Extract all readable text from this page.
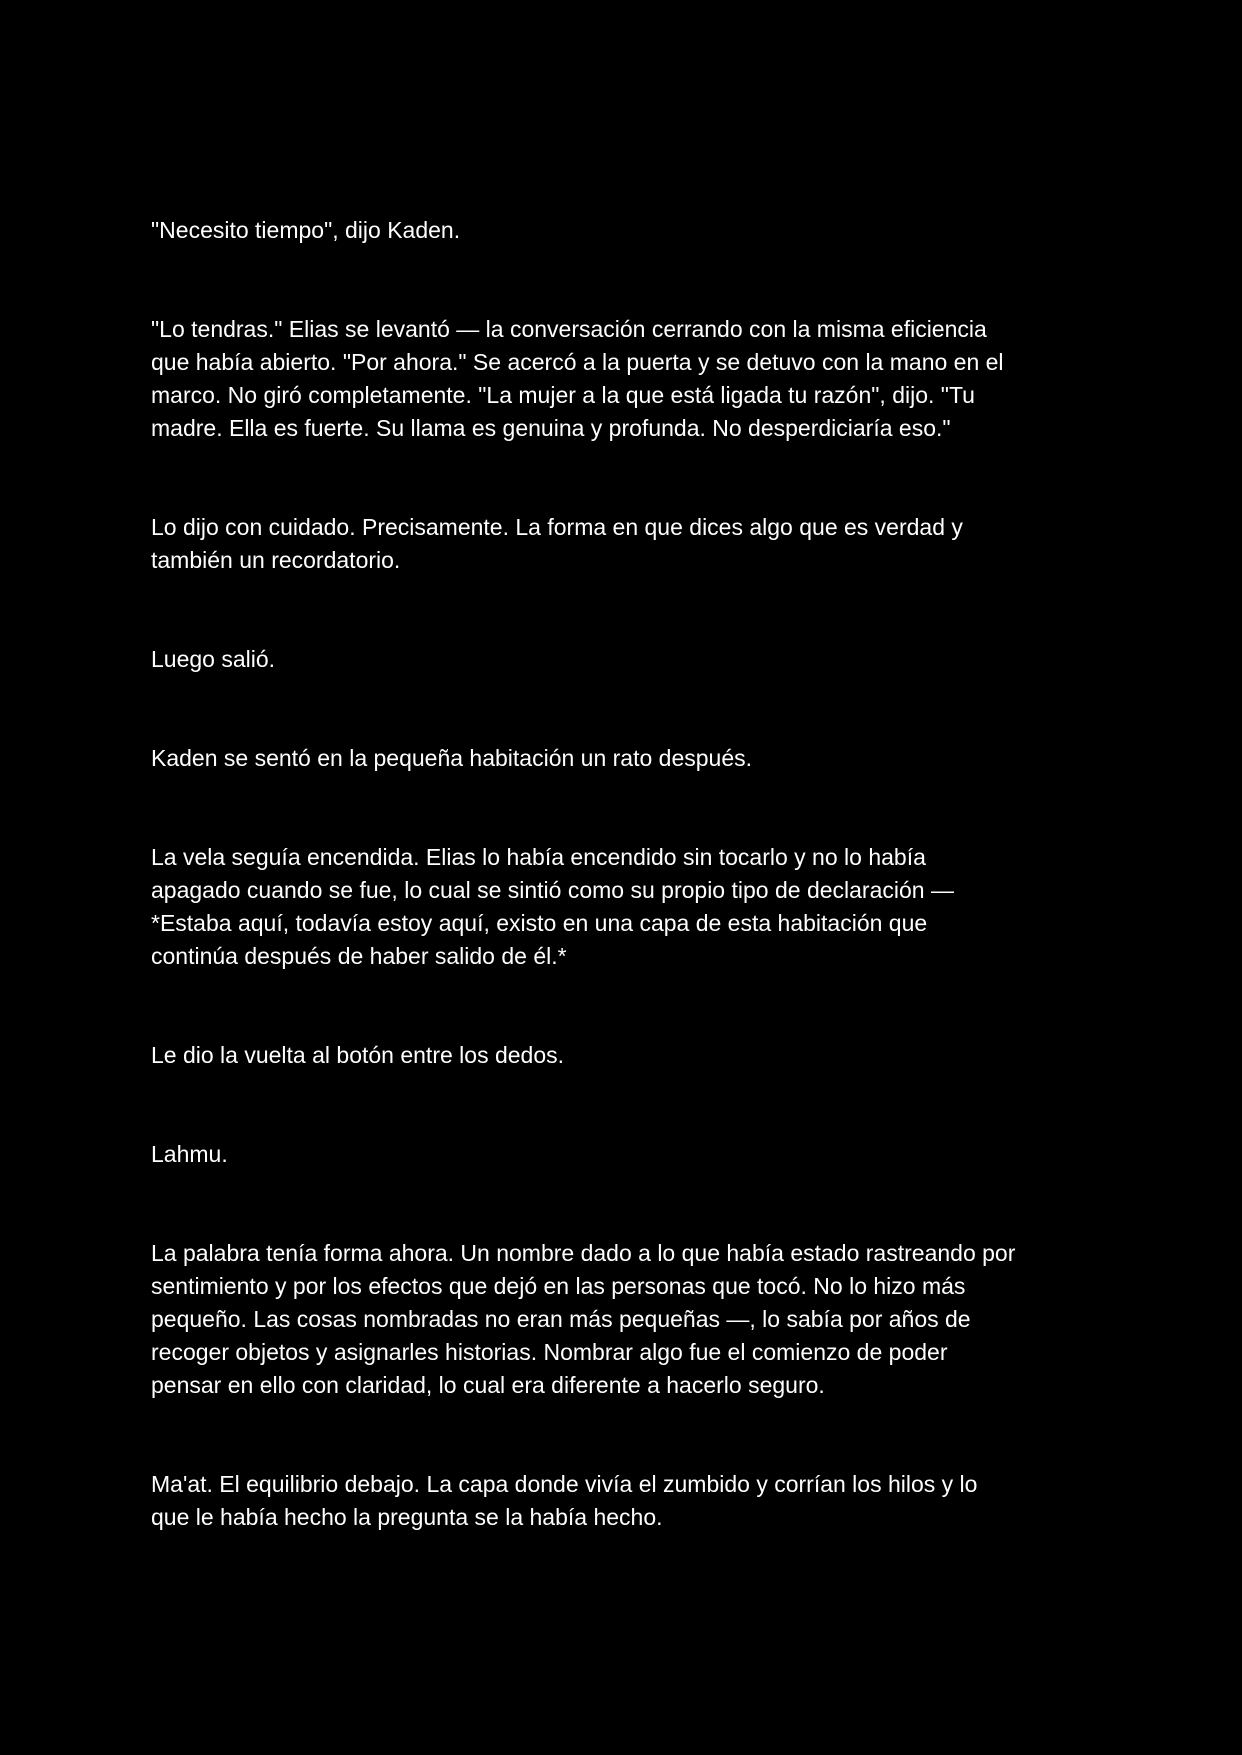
"Necesito tiempo", dijo Kaden.

"Lo tendras." Elias se levantó — la conversación cerrando con la misma eficiencia
que había abierto. "Por ahora." Se acercó a la puerta y se detuvo con la mano en el
marco. No giró completamente. "La mujer a la que está ligada tu razón", dijo. "Tu
madre. Ella es fuerte. Su llama es genuina y profunda. No desperdiciaría eso."

Lo dijo con cuidado. Precisamente. La forma en que dices algo que es verdad y
también un recordatorio.

Luego salió.

Kaden se sentó en la pequeña habitación un rato después.

La vela seguía encendida. Elias lo había encendido sin tocarlo y no lo había
apagado cuando se fue, lo cual se sintió como su propio tipo de declaración —
*Estaba aquí, todavía estoy aquí, existo en una capa de esta habitación que
continúa después de haber salido de él.*

Le dio la vuelta al botón entre los dedos.

Lahmu.

La palabra tenía forma ahora. Un nombre dado a lo que había estado rastreando por
sentimiento y por los efectos que dejó en las personas que tocó. No lo hizo más
pequeño. Las cosas nombradas no eran más pequeñas —, lo sabía por años de
recoger objetos y asignarles historias. Nombrar algo fue el comienzo de poder
pensar en ello con claridad, lo cual era diferente a hacerlo seguro.

Ma'at. El equilibrio debajo. La capa donde vivía el zumbido y corrían los hilos y lo
que le había hecho la pregunta se la había hecho.
